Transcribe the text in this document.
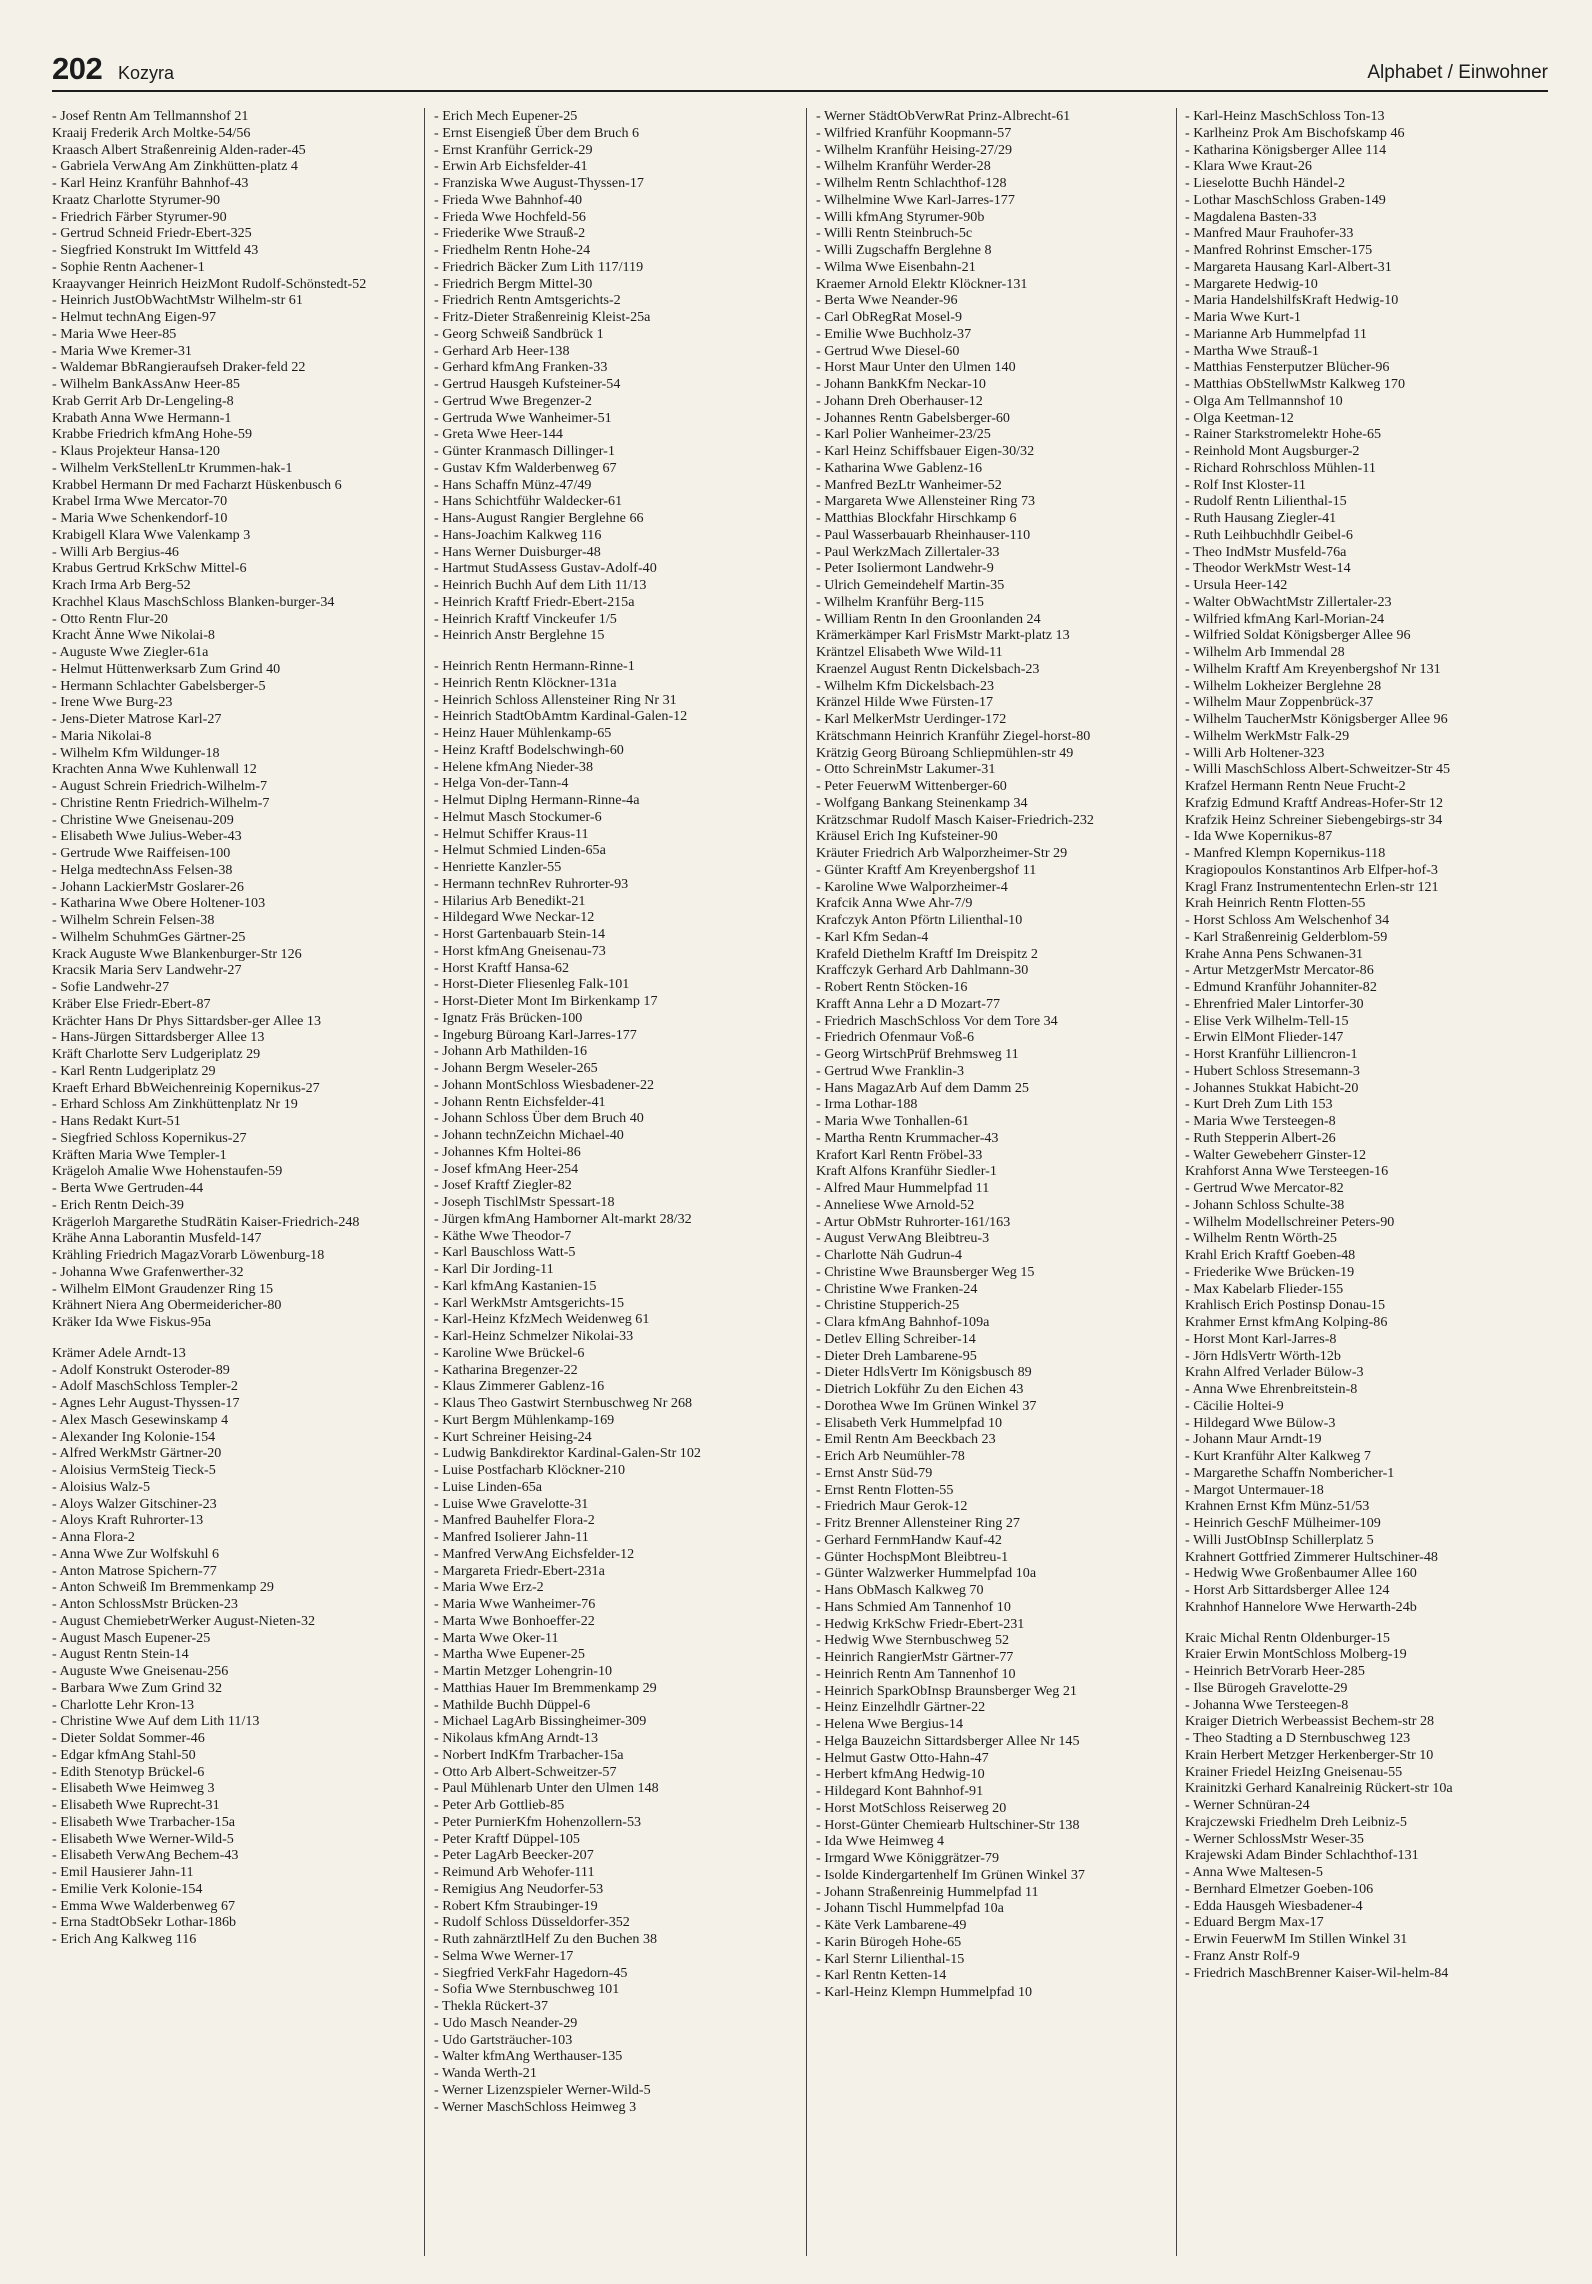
202 Kozyra	Alphabet / Einwohner
- Josef Rentn Am Tellmannshof 21
Kraaij Frederik Arch Moltke-54/56
Kraasch Albert Straßenreinig Alden-rader-45
- Gabriela VerwAng Am Zinkhütten-platz 4
- Karl Heinz Kranführ Bahnhof-43
Kraatz Charlotte Styrumer-90
- Friedrich Färber Styrumer-90
- Gertrud Schneid Friedr-Ebert-325
- Siegfried Konstrukt Im Wittfeld 43
- Sophie Rentn Aachener-1
Kraayvanger Heinrich HeizMont Rudolf-Schönstedt-52
- Heinrich JustObWachtMstr Wilhelm-str 61
- Helmut technAng Eigen-97
- Maria Wwe Heer-85
- Maria Wwe Kremer-31
- Waldemar BbRangieraufseh Draker-feld 22
- Wilhelm BankAssAnw Heer-85
Krab Gerrit Arb Dr-Lengeling-8
Krabath Anna Wwe Hermann-1
Krabbe Friedrich kfmAng Hohe-59
- Klaus Projekteur Hansa-120
- Wilhelm VerkStellenLtr Krummen-hak-1
Krabbel Hermann Dr med Facharzt Hüskenbusch 6
Krabel Irma Wwe Mercator-70
- Maria Wwe Schenkendorf-10
Krabigell Klara Wwe Valenkamp 3
- Willi Arb Bergius-46
Krabus Gertrud KrkSchw Mittel-6
Krach Irma Arb Berg-52
Krachhel Klaus MaschSchloss Blanken-burger-34
- Otto Rentn Flur-20
Kracht Änne Wwe Nikolai-8
- Auguste Wwe Ziegler-61a
- Helmut Hüttenwerksarb Zum Grind 40
- Hermann Schlachter Gabelsberger-5
- Irene Wwe Burg-23
- Jens-Dieter Matrose Karl-27
- Maria Nikolai-8
- Wilhelm Kfm Wildunger-18
Krachten Anna Wwe Kuhlenwall 12
- August Schrein Friedrich-Wilhelm-7
- Christine Rentn Friedrich-Wilhelm-7
- Christine Wwe Gneisenau-209
- Elisabeth Wwe Julius-Weber-43
- Gertrude Wwe Raiffeisen-100
- Helga medtechnAss Felsen-38
- Johann LackierMstr Goslarer-26
- Katharina Wwe Obere Holtener-103
- Wilhelm Schrein Felsen-38
- Wilhelm SchuhmGes Gärtner-25
Krack Auguste Wwe Blankenburger-Str 126
Kracsik Maria Serv Landwehr-27
- Sofie Landwehr-27
Kräber Else Friedr-Ebert-87
Krächter Hans Dr Phys Sittardsber-ger Allee 13
- Hans-Jürgen Sittardsberger Allee 13
Kräft Charlotte Serv Ludgeriplatz 29
- Karl Rentn Ludgeriplatz 29
Kraeft Erhard BbWeichenreinig Kopernikus-27
- Erhard Schloss Am Zinkhüttenplatz Nr 19
- Hans Redakt Kurt-51
- Siegfried Schloss Kopernikus-27
Kräften Maria Wwe Templer-1
Krägeloh Amalie Wwe Hohenstaufen-59
- Berta Wwe Gertruden-44
- Erich Rentn Deich-39
Krägerloh Margarethe StudRätin Kaiser-Friedrich-248
Krähe Anna Laborantin Musfeld-147
Krähling Friedrich MagazVorarb Löwenburg-18
- Johanna Wwe Grafenwerther-32
- Wilhelm ElMont Graudenzer Ring 15
Krähnert Niera Ang Obermeidericher-80
Kräker Ida Wwe Fiskus-95a
Krämer Adele Arndt-13
- Adolf Konstrukt Osteroder-89
- Adolf MaschSchloss Templer-2
- Agnes Lehr August-Thyssen-17
- Alex Masch Gesewinskamp 4
- Alexander Ing Kolonie-154
- Alfred WerkMstr Gärtner-20
- Aloisius VermSteig Tieck-5
- Aloisius Walz-5
- Aloys Walzer Gitschiner-23
- Aloys Kraft Ruhrorter-13
- Anna Flora-2
- Anna Wwe Zur Wolfskuhl 6
- Anton Matrose Spichern-77
- Anton Schweiß Im Bremmenkamp 29
- Anton SchlossMstr Brücken-23
- August ChemiebetrWerker August-Nieten-32
- August Masch Eupener-25
- August Rentn Stein-14
- Auguste Wwe Gneisenau-256
- Barbara Wwe Zum Grind 32
- Charlotte Lehr Kron-13
- Christine Wwe Auf dem Lith 11/13
- Dieter Soldat Sommer-46
- Edgar kfmAng Stahl-50
- Edith Stenotyp Brückel-6
- Elisabeth Wwe Heimweg 3
- Elisabeth Wwe Ruprecht-31
- Elisabeth Wwe Trarbacher-15a
- Elisabeth Wwe Werner-Wild-5
- Elisabeth VerwAng Bechem-43
- Emil Hausierer Jahn-11
- Emilie Verk Kolonie-154
- Emma Wwe Walderbenweg 67
- Erna StadtObSekr Lothar-186b
- Erich Ang Kalkweg 116
- Erich Mech Eupener-25
- Ernst Eisengieß Über dem Bruch 6
- Ernst Kranführ Gerrick-29
- Erwin Arb Eichsfelder-41
- Franziska Wwe August-Thyssen-17
- Frieda Wwe Bahnhof-40
- Frieda Wwe Hochfeld-56
- Friederike Wwe Strauß-2
- Friedhelm Rentn Hohe-24
- Friedrich Bäcker Zum Lith 117/119
- Friedrich Bergm Mittel-30
- Friedrich Rentn Amtsgerichts-2
- Fritz-Dieter Straßenreinig Kleist-25a
- Georg Schweiß Sandbrück 1
- Gerhard Arb Heer-138
- Gerhard kfmAng Franken-33
- Gertrud Hausgeh Kufsteiner-54
- Gertrud Wwe Bregenzer-2
- Gertruda Wwe Wanheimer-51
- Greta Wwe Heer-144
- Günter Kranmasch Dillinger-1
- Gustav Kfm Walderbenweg 67
- Hans Schaffn Münz-47/49
- Hans Schichtführ Waldecker-61
- Hans-August Rangier Berglehne 66
- Hans-Joachim Kalkweg 116
- Hans Werner Duisburger-48
- Hartmut StudAssess Gustav-Adolf-40
- Heinrich Buchh Auf dem Lith 11/13
- Heinrich Kraftf Friedr-Ebert-215a
- Heinrich Kraftf Vinckeufer 1/5
- Heinrich Anstr Berglehne 15
- Heinrich Rentn Hermann-Rinne-1
- Heinrich Rentn Klöckner-131a
- Heinrich Schloss Allensteiner Ring Nr 31
- Heinrich StadtObAmtm Kardinal-Galen-12
- Heinz Hauer Mühlenkamp-65
- Heinz Kraftf Bodelschwingh-60
- Helene kfmAng Nieder-38
- Helga Von-der-Tann-4
- Helmut Diplng Hermann-Rinne-4a
- Helmut Masch Stockumer-6
- Helmut Schiffer Kraus-11
- Helmut Schmied Linden-65a
- Henriette Kanzler-55
- Hermann technRev Ruhrorter-93
- Hilarius Arb Benedikt-21
- Hildegard Wwe Neckar-12
- Horst Gartenbauarb Stein-14
- Horst kfmAng Gneisenau-73
- Horst Kraftf Hansa-62
- Horst-Dieter Fliesenleg Falk-101
- Horst-Dieter Mont Im Birkenkamp 17
- Ignatz Fräs Brücken-100
- Ingeburg Büroang Karl-Jarres-177
- Johann Arb Mathilden-16
- Johann Bergm Weseler-265
- Johann MontSchloss Wiesbadener-22
- Johann Rentn Eichsfelder-41
- Johann Schloss Über dem Bruch 40
- Johann technZeichn Michael-40
- Johannes Kfm Holtei-86
- Josef kfmAng Heer-254
- Josef Kraftf Ziegler-82
- Joseph TischlMstr Spessart-18
- Jürgen kfmAng Hamborner Alt-markt 28/32
- Käthe Wwe Theodor-7
- Karl Bauschloss Watt-5
- Karl Dir Jording-11
- Karl kfmAng Kastanien-15
- Karl WerkMstr Amtsgerichts-15
- Karl-Heinz KfzMech Weidenweg 61
- Karl-Heinz Schmelzer Nikolai-33
- Karoline Wwe Brückel-6
- Katharina Bregenzer-22
- Klaus Zimmerer Gablenz-16
- Klaus Theo Gastwirt Sternbuschweg Nr 268
- Kurt Bergm Mühlenkamp-169
- Kurt Schreiner Heising-24
- Ludwig Bankdirektor Kardinal-Galen-Str 102
- Luise Postfacharb Klöckner-210
- Luise Linden-65a
- Luise Wwe Gravelotte-31
- Manfred Bauhelfer Flora-2
- Manfred Isolierer Jahn-11
- Manfred VerwAng Eichsfelder-12
- Margareta Friedr-Ebert-231a
- Maria Wwe Erz-2
- Maria Wwe Wanheimer-76
- Marta Wwe Bonhoeffer-22
- Marta Wwe Oker-11
- Martha Wwe Eupener-25
- Martin Metzger Lohengrin-10
- Matthias Hauer Im Bremmenkamp 29
- Mathilde Buchh Düppel-6
- Michael LagArb Bissingheimer-309
- Nikolaus kfmAng Arndt-13
- Norbert IndKfm Trarbacher-15a
- Otto Arb Albert-Schweitzer-57
- Paul Mühlenarb Unter den Ulmen 148
- Peter Arb Gottlieb-85
- Peter PurnierKfm Hohenzollern-53
- Peter Kraftf Düppel-105
- Peter LagArb Beecker-207
- Reimund Arb Wehofer-111
- Remigius Ang Neudorfer-53
- Robert Kfm Straubinger-19
- Rudolf Schloss Düsseldorfer-352
- Ruth zahnärztlHelf Zu den Buchen 38
- Selma Wwe Werner-17
- Siegfried VerkFahr Hagedorn-45
- Sofia Wwe Sternbuschweg 101
- Thekla Rückert-37
- Udo Masch Neander-29
- Udo Gartsträucher-103
- Walter kfmAng Werthauser-135
- Wanda Werth-21
- Werner Lizenzspieler Werner-Wild-5
- Werner MaschSchloss Heimweg 3
- Werner StädtObVerwRat Prinz-Albrecht-61
- Wilfried Kranführ Koopmann-57
- Wilhelm Kranführ Heising-27/29
- Wilhelm Kranführ Werder-28
- Wilhelm Rentn Schlachthof-128
- Wilhelmine Wwe Karl-Jarres-177
- Willi kfmAng Styrumer-90b
- Willi Rentn Steinbruch-5c
- Willi Zugschaffn Berglehne 8
- Wilma Wwe Eisenbahn-21
Kraemer Arnold Elektr Klöckner-131
- Berta Wwe Neander-96
- Carl ObRegRat Mosel-9
- Emilie Wwe Buchholz-37
- Gertrud Wwe Diesel-60
- Horst Maur Unter den Ulmen 140
- Johann BankKfm Neckar-10
- Johann Dreh Oberhauser-12
- Johannes Rentn Gabelsberger-60
- Karl Polier Wanheimer-23/25
- Karl Heinz Schiffsbauer Eigen-30/32
- Katharina Wwe Gablenz-16
- Manfred BezLtr Wanheimer-52
- Margareta Wwe Allensteiner Ring 73
- Matthias Blockfahr Hirschkamp 6
- Paul Wasserbauarb Rheinhauser-110
- Paul WerkzMach Zillertaler-33
- Peter Isoliermont Landwehr-9
- Ulrich Gemeindehelf Martin-35
- Wilhelm Kranführ Berg-115
- William Rentn In den Groonlanden 24
Krämerkämper Karl FrisMstr Markt-platz 13
Kräntzel Elisabeth Wwe Wild-11
Kraenzel August Rentn Dickelsbach-23
- Wilhelm Kfm Dickelsbach-23
Kränzel Hilde Wwe Fürsten-17
- Karl MelkerMstr Uerdinger-172
Krätschmann Heinrich Kranführ Ziegel-horst-80
Krätzig Georg Büroang Schliepmühlen-str 49
- Otto SchreinMstr Lakumer-31
- Peter FeuerwM Wittenberger-60
- Wolfgang Bankang Steinenkamp 34
Krätzschmar Rudolf Masch Kaiser-Friedrich-232
Kräusel Erich Ing Kufsteiner-90
Kräuter Friedrich Arb Walporzheimer-Str 29
- Günter Kraftf Am Kreyenbergshof 11
- Karoline Wwe Walporzheimer-4
Krafcik Anna Wwe Ahr-7/9
Krafczyk Anton Pförtn Lilienthal-10
- Karl Kfm Sedan-4
Krafeld Diethelm Kraftf Im Dreispitz 2
Kraffczyk Gerhard Arb Dahlmann-30
- Robert Rentn Stöcken-16
Krafft Anna Lehr a D Mozart-77
- Friedrich MaschSchloss Vor dem Tore 34
- Friedrich Ofenmaur Voß-6
- Georg WirtschPrüf Brehmsweg 11
- Gertrud Wwe Franklin-3
- Hans MagazArb Auf dem Damm 25
- Irma Lothar-188
- Maria Wwe Tonhallen-61
- Martha Rentn Krummacher-43
Krafort Karl Rentn Fröbel-33
Kraft Alfons Kranführ Siedler-1
- Alfred Maur Hummelpfad 11
- Anneliese Wwe Arnold-52
- Artur ObMstr Ruhrorter-161/163
- August VerwAng Bleibtreu-3
- Charlotte Näh Gudrun-4
- Christine Wwe Braunsberger Weg 15
- Christine Wwe Franken-24
- Christine Stupperich-25
- Clara kfmAng Bahnhof-109a
- Detlev Elling Schreiber-14
- Dieter Dreh Lambarene-95
- Dieter HdlsVertr Im Königsbusch 89
- Dietrich Lokführ Zu den Eichen 43
- Dorothea Wwe Im Grünen Winkel 37
- Elisabeth Verk Hummelpfad 10
- Emil Rentn Am Beeckbach 23
- Erich Arb Neumühler-78
- Ernst Anstr Süd-79
- Ernst Rentn Flotten-55
- Friedrich Maur Gerok-12
- Fritz Brenner Allensteiner Ring 27
- Gerhard FernmHandw Kauf-42
- Günter HochspMont Bleibtreu-1
- Günter Walzwerker Hummelpfad 10a
- Hans ObMasch Kalkweg 70
- Hans Schmied Am Tannenhof 10
- Hedwig KrkSchw Friedr-Ebert-231
- Hedwig Wwe Sternbuschweg 52
- Heinrich RangierMstr Gärtner-77
- Heinrich Rentn Am Tannenhof 10
- Heinrich SparkObInsp Braunsberger Weg 21
- Heinz Einzelhdlr Gärtner-22
- Helena Wwe Bergius-14
- Helga Bauzeichn Sittardsberger Allee Nr 145
- Helmut Gastw Otto-Hahn-47
- Herbert kfmAng Hedwig-10
- Hildegard Kont Bahnhof-91
- Horst MotSchloss Reiserweg 20
- Horst-Günter Chemiearb Hultschiner-Str 138
- Ida Wwe Heimweg 4
- Irmgard Wwe Königgrätzer-79
- Isolde Kindergartenhelf Im Grünen Winkel 37
- Johann Straßenreinig Hummelpfad 11
- Johann Tischl Hummelpfad 10a
- Käte Verk Lambarene-49
- Karin Bürogeh Hohe-65
- Karl Sternr Lilienthal-15
- Karl Rentn Ketten-14
- Karl-Heinz Klempn Hummelpfad 10
- Karl-Heinz MaschSchloss Ton-13
- Karlheinz Prok Am Bischofskamp 46
- Katharina Königsberger Allee 114
- Klara Wwe Kraut-26
- Lieselotte Buchh Händel-2
- Lothar MaschSchloss Graben-149
- Magdalena Basten-33
- Manfred Maur Frauhofer-33
- Manfred Rohrinst Emscher-175
- Margareta Hausang Karl-Albert-31
- Margarete Hedwig-10
- Maria HandelshilfsKraft Hedwig-10
- Maria Wwe Kurt-1
- Marianne Arb Hummelpfad 11
- Martha Wwe Strauß-1
- Matthias Fensterputzer Blücher-96
- Matthias ObStellwMstr Kalkweg 170
- Olga Am Tellmannshof 10
- Olga Keetman-12
- Rainer Starkstromelektr Hohe-65
- Reinhold Mont Augsburger-2
- Richard Rohrschloss Mühlen-11
- Rolf Inst Kloster-11
- Rudolf Rentn Lilienthal-15
- Ruth Hausang Ziegler-41
- Ruth Leihbuchhdlr Geibel-6
- Theo IndMstr Musfeld-76a
- Theodor WerkMstr West-14
- Ursula Heer-142
- Walter ObWachtMstr Zillertaler-23
- Wilfried kfmAng Karl-Morian-24
- Wilfried Soldat Königsberger Allee 96
- Wilhelm Arb Immendal 28
- Wilhelm Kraftf Am Kreyenbergshof Nr 131
- Wilhelm Lokheizer Berglehne 28
- Wilhelm Maur Zoppenbrück-37
- Wilhelm TaucherMstr Königsberger Allee 96
- Wilhelm WerkMstr Falk-29
- Willi Arb Holtener-323
- Willi MaschSchloss Albert-Schweitzer-Str 45
Krafzel Hermann Rentn Neue Frucht-2
Krafzig Edmund Kraftf Andreas-Hofer-Str 12
Krafzik Heinz Schreiner Siebengebirgs-str 34
- Ida Wwe Kopernikus-87
- Manfred Klempn Kopernikus-118
Kragiopoulos Konstantinos Arb Elfper-hof-3
Kragl Franz Instrumententechn Erlen-str 121
Krah Heinrich Rentn Flotten-55
- Horst Schloss Am Welschenhof 34
- Karl Straßenreinig Gelderblom-59
Krahe Anna Pens Schwanen-31
- Artur MetzgerMstr Mercator-86
- Edmund Kranführ Johanniter-82
- Ehrenfried Maler Lintorfer-30
- Elise Verk Wilhelm-Tell-15
- Erwin ElMont Flieder-147
- Horst Kranführ Lilliencron-1
- Hubert Schloss Stresemann-3
- Johannes Stukkat Habicht-20
- Kurt Dreh Zum Lith 153
- Maria Wwe Tersteegen-8
- Ruth Stepperin Albert-26
- Walter Gewebeherr Ginster-12
Krahforst Anna Wwe Tersteegen-16
- Gertrud Wwe Mercator-82
- Johann Schloss Schulte-38
- Wilhelm Modellschreiner Peters-90
- Wilhelm Rentn Wörth-25
Krahl Erich Kraftf Goeben-48
- Friederike Wwe Brücken-19
- Max Kabelarb Flieder-155
Krahlisch Erich Postinsp Donau-15
Krahmer Ernst kfmAng Kolping-86
- Horst Mont Karl-Jarres-8
- Jörn HdlsVertr Wörth-12b
Krahn Alfred Verlader Bülow-3
- Anna Wwe Ehrenbreitstein-8
- Cäcilie Holtei-9
- Hildegard Wwe Bülow-3
- Johann Maur Arndt-19
- Kurt Kranführ Alter Kalkweg 7
- Margarethe Schaffn Nombericher-1
- Margot Untermauer-18
Krahnen Ernst Kfm Münz-51/53
- Heinrich GeschF Mülheimer-109
- Willi JustObInsp Schillerplatz 5
Krahnert Gottfried Zimmerer Hultschiner-48
- Hedwig Wwe Großenbaumer Allee 160
- Horst Arb Sittardsberger Allee 124
Krahnhof Hannelore Wwe Herwarth-24b
Kraic Michal Rentn Oldenburger-15
Kraier Erwin MontSchloss Molberg-19
- Heinrich BetrVorarb Heer-285
- Ilse Bürogeh Gravelotte-29
- Johanna Wwe Tersteegen-8
Kraiger Dietrich Werbeassist Bechem-str 28
- Theo Stadting a D Sternbuschweg 123
Krain Herbert Metzger Herkenberger-Str 10
Krainer Friedel HeizIng Gneisenau-55
Krainitzki Gerhard Kanalreinig Rückert-str 10a
- Werner Schnüran-24
Krajczewski Friedhelm Dreh Leibniz-5
- Werner SchlossMstr Weser-35
Krajewski Adam Binder Schlachthof-131
- Anna Wwe Maltesen-5
- Bernhard Elmetzer Goeben-106
- Edda Hausgeh Wiesbadener-4
- Eduard Bergm Max-17
- Erwin FeuerwM Im Stillen Winkel 31
- Franz Anstr Rolf-9
- Friedrich MaschBrenner Kaiser-Wil-helm-84
